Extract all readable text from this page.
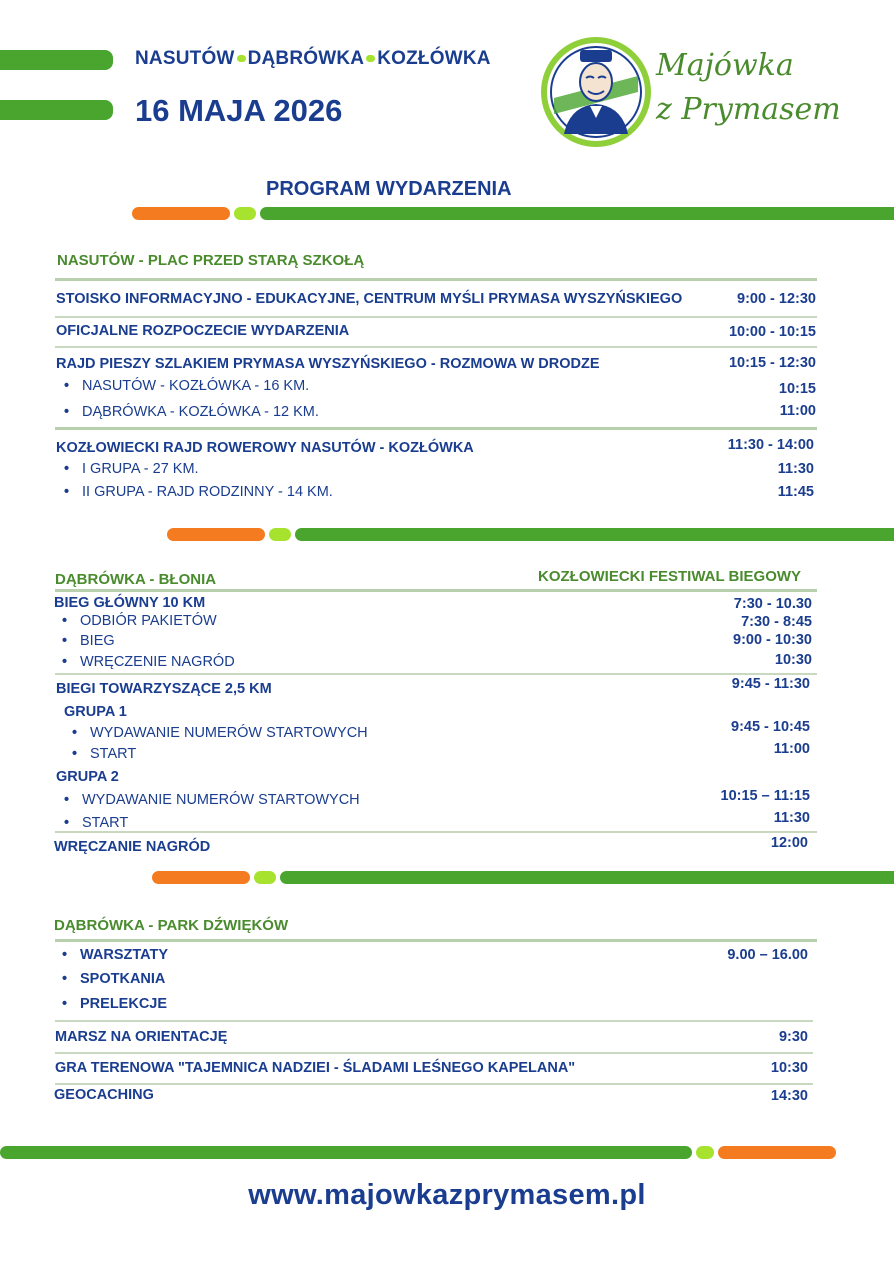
NASUTÓW DĄBRÓWKA KOZŁÓWKA
16 MAJA 2026
Majówka
z Prymasem
PROGRAM WYDARZENIA
NASUTÓW - PLAC PRZED STARĄ SZKOŁĄ
STOISKO INFORMACYJNO - EDUKACYJNE, CENTRUM MYŚLI PRYMASA WYSZYŃSKIEGO	9:00 - 12:30
OFICJALNE ROZPOCZECIE WYDARZENIA	10:00 - 10:15
RAJD PIESZY SZLAKIEM PRYMASA WYSZYŃSKIEGO - ROZMOWA W DRODZE	10:15 - 12:30
• NASUTÓW - KOZŁÓWKA - 16 KM.	10:15
• DĄBRÓWKA - KOZŁÓWKA - 12 KM.	11:00
KOZŁOWIECKI RAJD ROWEROWY NASUTÓW - KOZŁÓWKA	11:30 - 14:00
• I GRUPA - 27 KM.	11:30
• II GRUPA - RAJD RODZINNY - 14 KM.	11:45
DĄBRÓWKA - BŁONIA	KOZŁOWIECKI FESTIWAL BIEGOWY
BIEG GŁÓWNY 10 KM	7:30 - 10.30
• ODBIÓR PAKIETÓW	7:30 - 8:45
• BIEG	9:00 - 10:30
• WRĘCZENIE NAGRÓD	10:30
BIEGI TOWARZYSZĄCE 2,5 KM	9:45 - 11:30
GRUPA 1
• WYDAWANIE NUMERÓW STARTOWYCH	9:45 - 10:45
• START	11:00
GRUPA 2
• WYDAWANIE NUMERÓW STARTOWYCH	10:15 – 11:15
• START	11:30
WRĘCZANIE NAGRÓD	12:00
DĄBRÓWKA - PARK DŹWIĘKÓW
• WARSZTATY	9.00 – 16.00
• SPOTKANIA
• PRELEKCJE
MARSZ NA ORIENTACJĘ	9:30
GRA TERENOWA "TAJEMNICA NADZIEI - ŚLADAMI LEŚNEGO KAPELANA"	10:30
GEOCACHING	14:30
www.majowkazprymasem.pl
